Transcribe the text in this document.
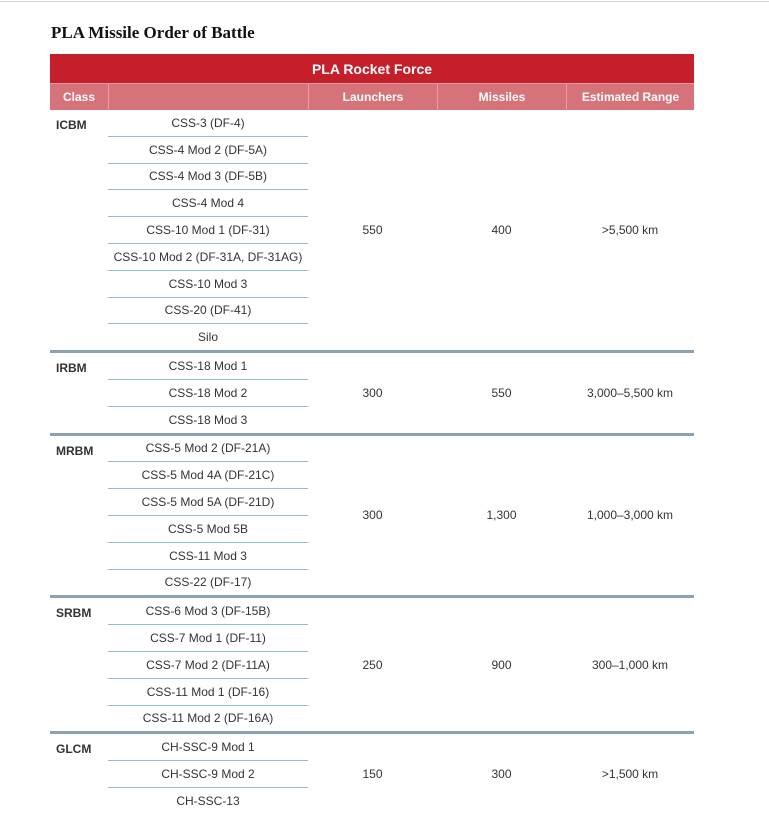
PLA Missile Order of Battle
PLA Rocket Force
Class	Launchers	Missiles	Estimated Range
ICBM	CSS-3 (DF-4)
CSS-4 Mod 2 (DF-5A)
CSS-4 Mod 3 (DF-5B)
CSS-4 Mod 4
CSS-10 Mod 1 (DF-31)
CSS-10 Mod 2 (DF-31A, DF-31AG)
CSS-10 Mod 3
CSS-20 (DF-41)
Silo
550	400	>5,500 km
IRBM	CSS-18 Mod 1
CSS-18 Mod 2
CSS-18 Mod 3
300	550	3,000–5,500 km
MRBM	CSS-5 Mod 2 (DF-21A)
CSS-5 Mod 4A (DF-21C)
CSS-5 Mod 5A (DF-21D)
CSS-5 Mod 5B
CSS-11 Mod 3
CSS-22 (DF-17)
300	1,300	1,000–3,000 km
SRBM	CSS-6 Mod 3 (DF-15B)
CSS-7 Mod 1 (DF-11)
CSS-7 Mod 2 (DF-11A)
CSS-11 Mod 1 (DF-16)
CSS-11 Mod 2 (DF-16A)
250	900	300–1,000 km
GLCM	CH-SSC-9 Mod 1
CH-SSC-9 Mod 2
CH-SSC-13
150	300	>1,500 km
